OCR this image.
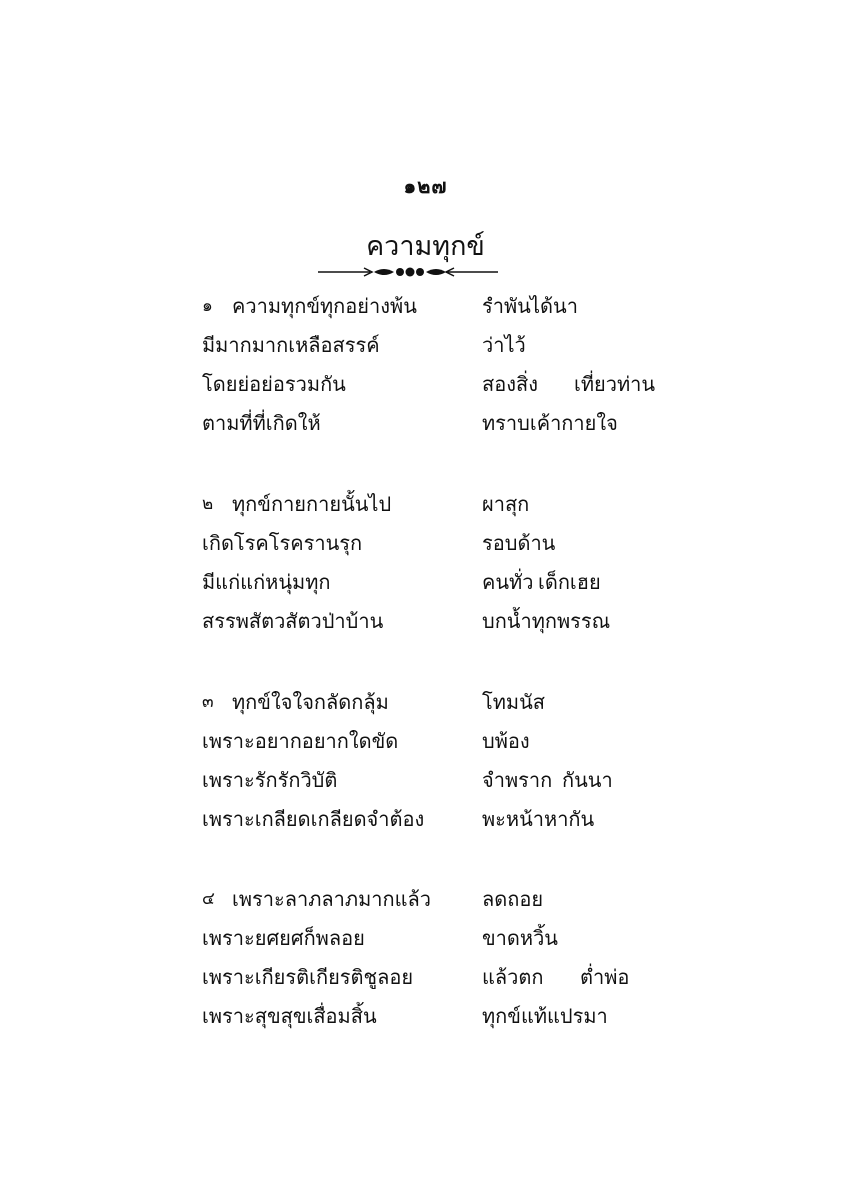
๑๒๗
ความทุกข์
๑ ความทุกข์ทุกอย่างพ้น	รำพัน ได้นา
มีมากมากเหลือสรรค์	ว่าไว้
โดยย่อย่อรวมกัน	สองสิ่ง เที่ยวท่าน
ตามที่ที่เกิดให้	ทราบเค้ากายใจ
๒ ทุกข์กายกายนั้นไป	ผาสุก
เกิดโรคโรครานรุก	รอบด้าน
มีแก่แก่หนุ่มทุก	คนทั่ว เด็กเฮย
สรรพสัตวสัตวป่าบ้าน	บกน้ำทุกพรรณ
๓ ทุกข์ใจใจกลัดกลุ้ม	โทมนัส
เพราะอยากอยากใดขัด	บพ้อง
เพราะรักรักวิบัติ	จำพราก กันนา
เพราะเกลียดเกลียดจำต้อง	พะหน้าหากัน
๔ เพราะลาภลาภมากแล้ว	ลดถอย
เพราะยศยศก็พลอย	ขาดหวิ้น
เพราะเกียรติเกียรติชูลอย	แล้วตก ต่ำพ่อ
เพราะสุขสุขเสื่อมสิ้น	ทุกข์แท้แปรมา
